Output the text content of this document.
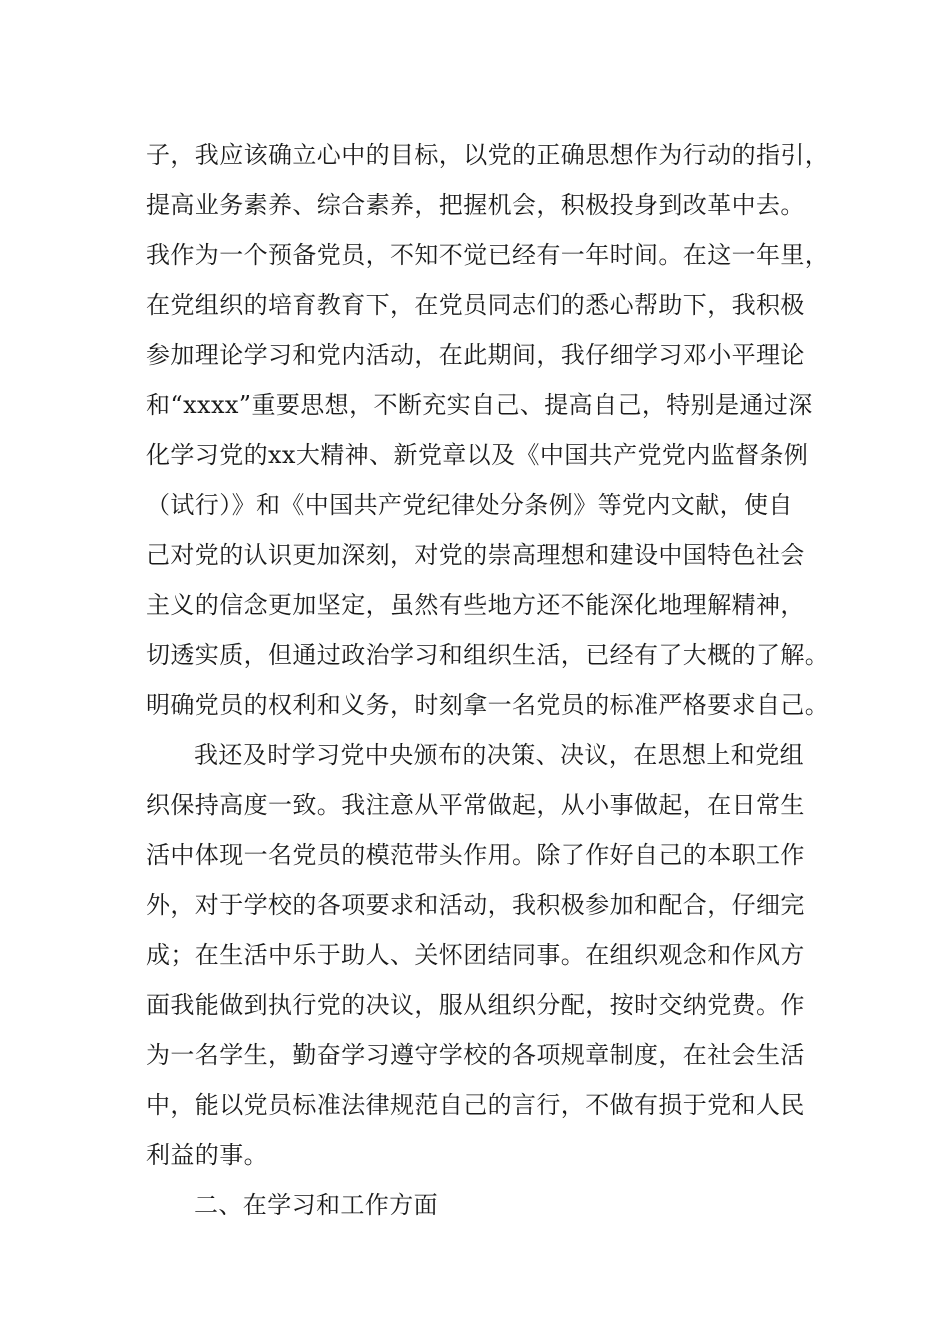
子，我应该确立心中的目标，以党的正确思想作为行动的指引，
提高业务素养、综合素养，把握机会，积极投身到改革中去。
我作为一个预备党员，不知不觉已经有一年时间。在这一年里，
在党组织的培育教育下，在党员同志们的悉心帮助下，我积极
参加理论学习和党内活动，在此期间，我仔细学习邓小平理论
和“xxxx”重要思想，不断充实自己、提高自己，特别是通过深
化学习党的xx大精神、新党章以及《中国共产党党内监督条例
（试行）》和《中国共产党纪律处分条例》等党内文献，使自
己对党的认识更加深刻，对党的崇高理想和建设中国特色社会
主义的信念更加坚定，虽然有些地方还不能深化地理解精神，
切透实质，但通过政治学习和组织生活，已经有了大概的了解。
明确党员的权利和义务，时刻拿一名党员的标准严格要求自己。
我还及时学习党中央颁布的决策、决议，在思想上和党组
织保持高度一致。我注意从平常做起，从小事做起，在日常生
活中体现一名党员的模范带头作用。除了作好自己的本职工作
外，对于学校的各项要求和活动，我积极参加和配合，仔细完
成；在生活中乐于助人、关怀团结同事。在组织观念和作风方
面我能做到执行党的决议，服从组织分配，按时交纳党费。作
为一名学生，勤奋学习遵守学校的各项规章制度，在社会生活
中，能以党员标准法律规范自己的言行，不做有损于党和人民
利益的事。
二、在学习和工作方面
